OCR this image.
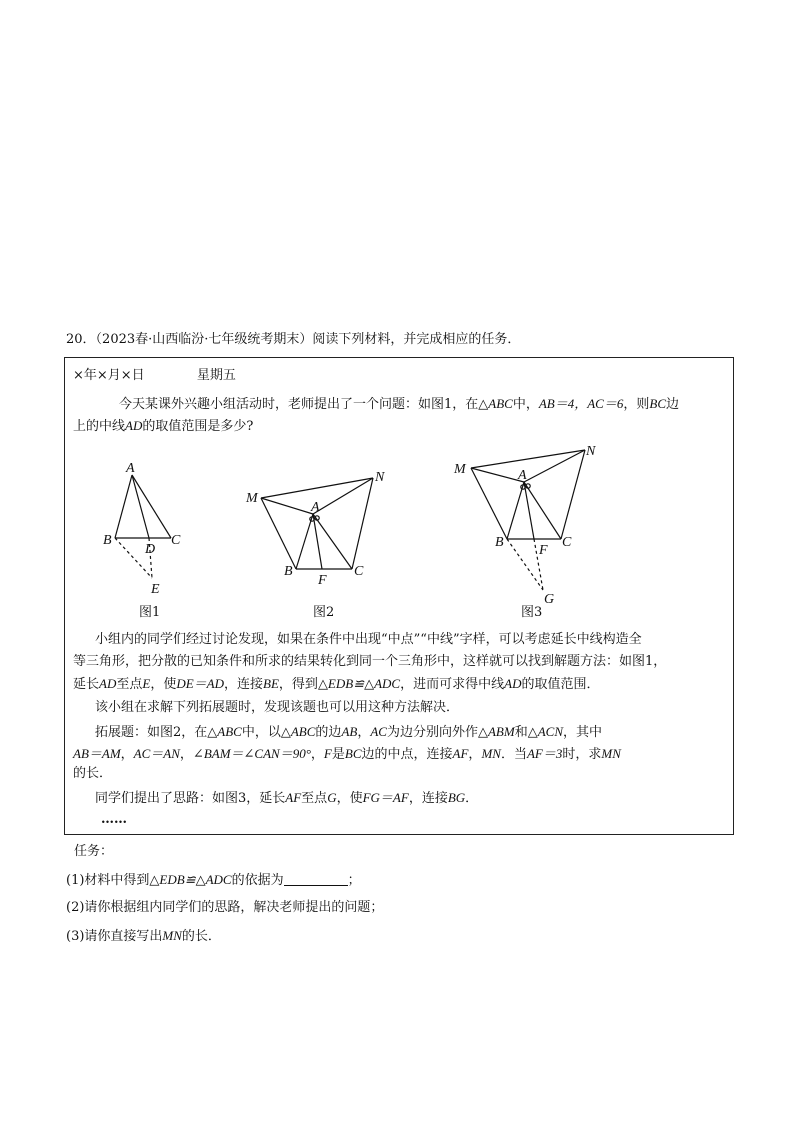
20．（2023春·山西临汾·七年级统考期末）阅读下列材料，并完成相应的任务．
×年×月×日	星期五
今天某课外兴趣小组活动时，老师提出了一个问题：如图1，在△ABC中，AB＝4，AC＝6，则BC边
上的中线AD的取值范围是多少?
A
B	C
D
E
图1
M
A
N
B
F
C
图2
M	A
N
B
F
C
G
图3
小组内的同学们经过讨论发现，如果在条件中出现“中点”“中线”字样，可以考虑延长中线构造全
等三角形，把分散的已知条件和所求的结果转化到同一个三角形中，这样就可以找到解题方法：如图1，
延长AD至点E，使DE＝AD，连接BE，得到△EDB≌△ADC，进而可求得中线AD的取值范围．
该小组在求解下列拓展题时，发现该题也可以用这种方法解决．
拓展题：如图2，在△ABC中，以△ABC的边AB，AC为边分别向外作△ABM和△ACN，其中
AB＝AM，AC＝AN，∠BAM＝∠CAN＝90°，F是BC边的中点，连接AF，MN．当AF＝3时，求MN
的长．
同学们提出了思路：如图3，延长AF至点G，使FG＝AF，连接BG．
……
任务：
(1)材料中得到△EDB≌△ADC的依据为	；
(2)请你根据组内同学们的思路，解决老师提出的问题；
(3)请你直接写出MN的长．
